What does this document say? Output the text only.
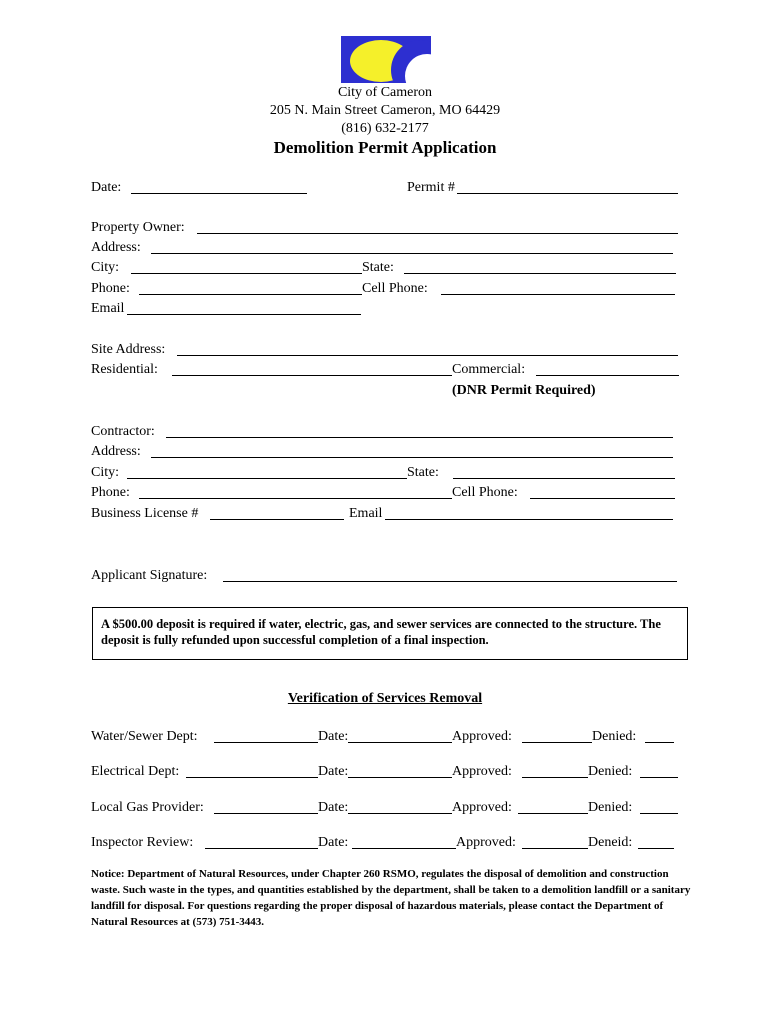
City of Cameron
205 N. Main Street Cameron, MO 64429
(816) 632-2177
Demolition Permit Application
Date:	Permit #
Property Owner:
Address:
City:	State:
Phone:	Cell Phone:
Email
Site Address:
Residential:	Commercial:
(DNR Permit Required)
Contractor:
Address:
City:	State:
Phone:	Cell Phone:
Business License #	Email
Applicant Signature:

A $500.00 deposit is required if water, electric, gas, and sewer services are connected to the structure. The deposit is fully refunded upon successful completion of a final inspection.

Verification of Services Removal
Water/Sewer Dept:	Date:	Approved:	Denied:
Electrical Dept:	Date:	Approved:	Denied:
Local Gas Provider:	Date:	Approved:	Denied:
Inspector Review:	Date:	Approved:	Deneid:
Notice: Department of Natural Resources, under Chapter 260 RSMO, regulates the disposal of demolition and construction waste. Such waste in the types, and quantities established by the department, shall be taken to a demolition landfill or a sanitary landfill for disposal. For questions regarding the proper disposal of hazardous materials, please contact the Department of Natural Resources at (573) 751-3443.
